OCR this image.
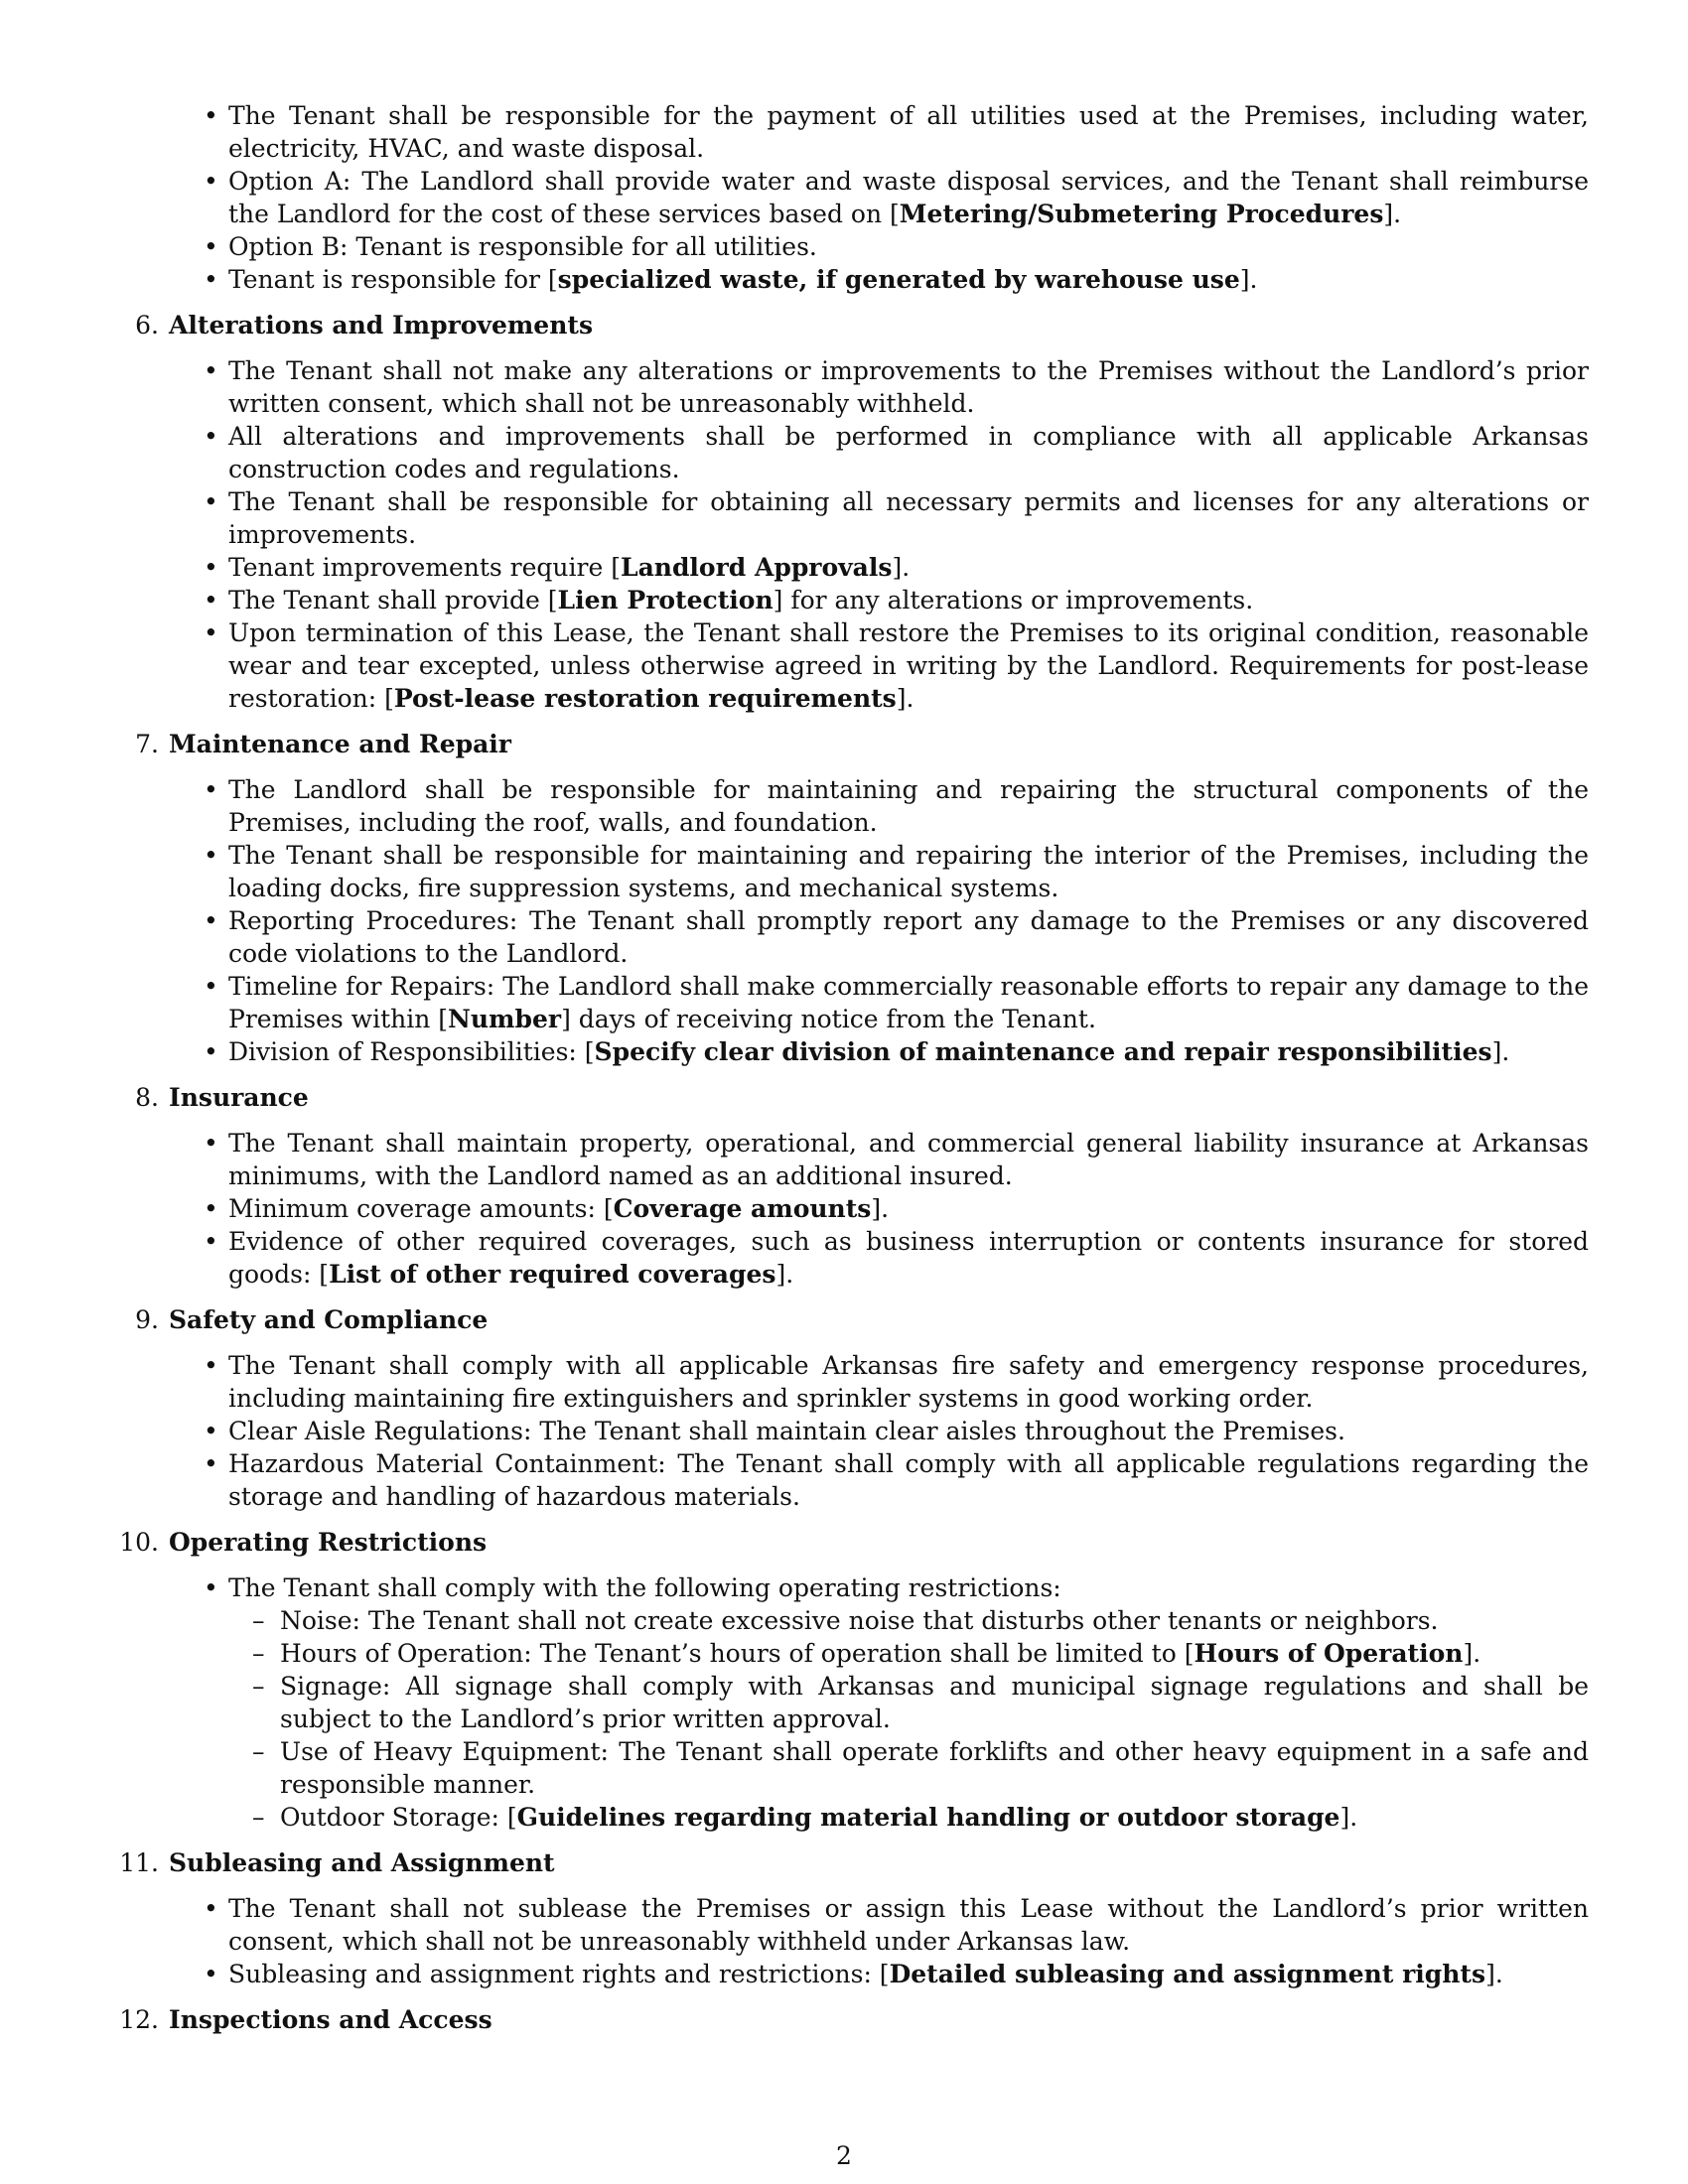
• The Tenant shall be responsible for the payment of all utilities used at the Premises, including water, electricity, HVAC, and waste disposal.
• Option A: The Landlord shall provide water and waste disposal services, and the Tenant shall reimburse the Landlord for the cost of these services based on [Metering/Submetering Procedures].
• Option B: Tenant is responsible for all utilities.
• Tenant is responsible for [specialized waste, if generated by warehouse use].
6. Alterations and Improvements
• The Tenant shall not make any alterations or improvements to the Premises without the Landlord’s prior written consent, which shall not be unreasonably withheld.
• All alterations and improvements shall be performed in compliance with all applicable Arkansas construction codes and regulations.
• The Tenant shall be responsible for obtaining all necessary permits and licenses for any alterations or improvements.
• Tenant improvements require [Landlord Approvals].
• The Tenant shall provide [Lien Protection] for any alterations or improvements.
• Upon termination of this Lease, the Tenant shall restore the Premises to its original condition, reasonable wear and tear excepted, unless otherwise agreed in writing by the Landlord. Requirements for post-lease restoration: [Post-lease restoration requirements].
7. Maintenance and Repair
• The Landlord shall be responsible for maintaining and repairing the structural components of the Premises, including the roof, walls, and foundation.
• The Tenant shall be responsible for maintaining and repairing the interior of the Premises, including the loading docks, fire suppression systems, and mechanical systems.
• Reporting Procedures: The Tenant shall promptly report any damage to the Premises or any discovered code violations to the Landlord.
• Timeline for Repairs: The Landlord shall make commercially reasonable efforts to repair any damage to the Premises within [Number] days of receiving notice from the Tenant.
• Division of Responsibilities: [Specify clear division of maintenance and repair responsibilities].
8. Insurance
• The Tenant shall maintain property, operational, and commercial general liability insurance at Arkansas minimums, with the Landlord named as an additional insured.
• Minimum coverage amounts: [Coverage amounts].
• Evidence of other required coverages, such as business interruption or contents insurance for stored goods: [List of other required coverages].
9. Safety and Compliance
• The Tenant shall comply with all applicable Arkansas fire safety and emergency response procedures, including maintaining fire extinguishers and sprinkler systems in good working order.
• Clear Aisle Regulations: The Tenant shall maintain clear aisles throughout the Premises.
• Hazardous Material Containment: The Tenant shall comply with all applicable regulations regarding the storage and handling of hazardous materials.
10. Operating Restrictions
• The Tenant shall comply with the following operating restrictions:
– Noise: The Tenant shall not create excessive noise that disturbs other tenants or neighbors.
– Hours of Operation: The Tenant’s hours of operation shall be limited to [Hours of Operation].
– Signage: All signage shall comply with Arkansas and municipal signage regulations and shall be subject to the Landlord’s prior written approval.
– Use of Heavy Equipment: The Tenant shall operate forklifts and other heavy equipment in a safe and responsible manner.
– Outdoor Storage: [Guidelines regarding material handling or outdoor storage].
11. Subleasing and Assignment
• The Tenant shall not sublease the Premises or assign this Lease without the Landlord’s prior written consent, which shall not be unreasonably withheld under Arkansas law.
• Subleasing and assignment rights and restrictions: [Detailed subleasing and assignment rights].
12. Inspections and Access
2
